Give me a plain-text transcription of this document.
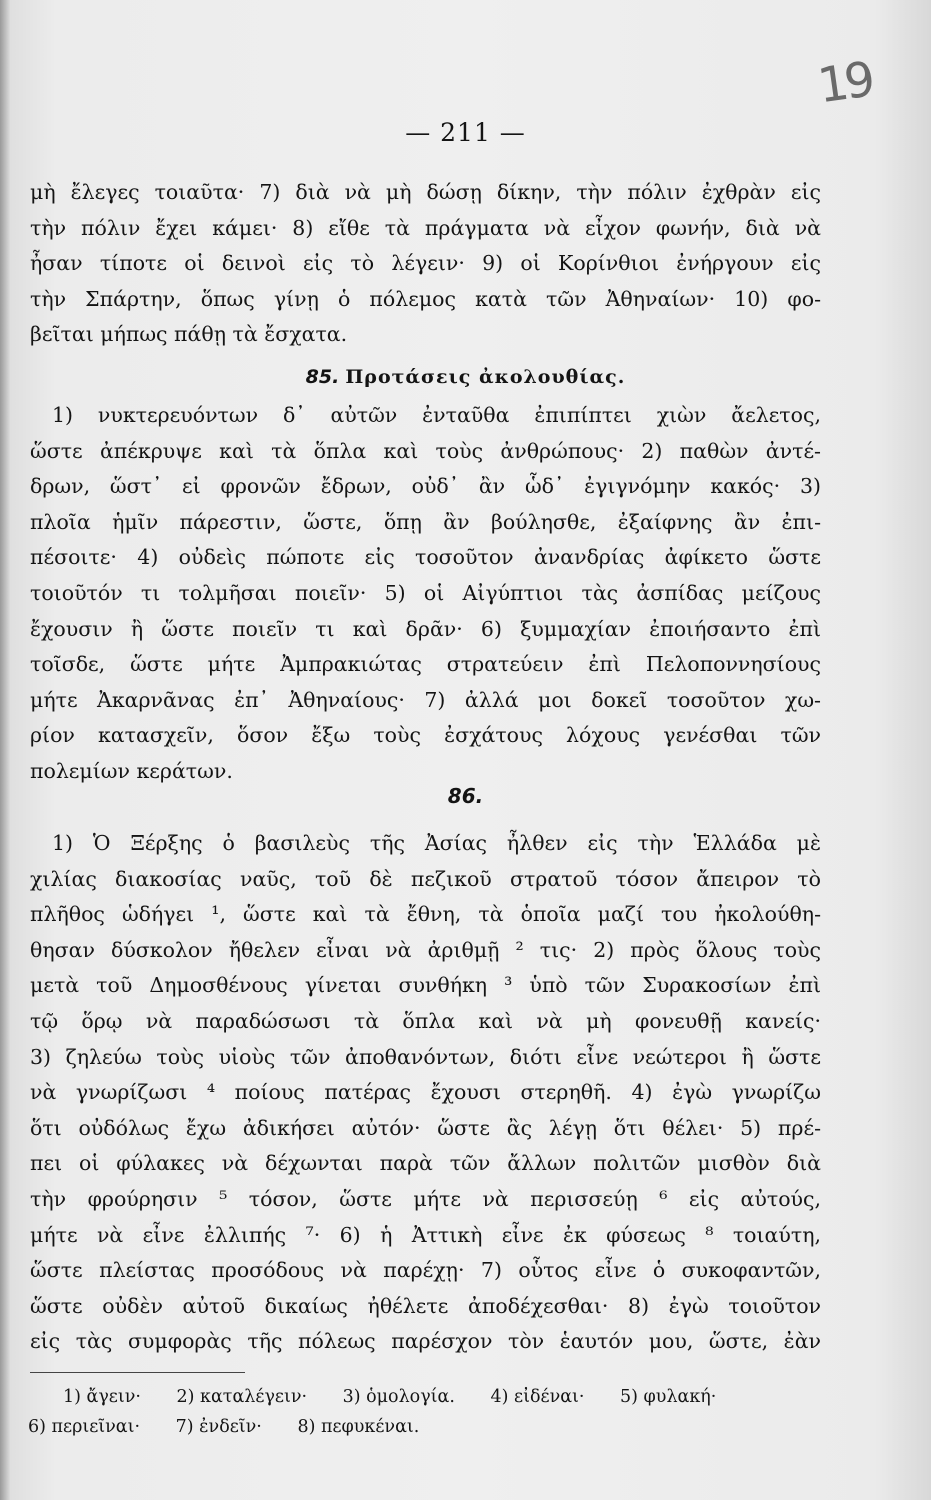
19
— 211 —
μὴ ἔλεγες τοιαῦτα· 7) διὰ νὰ μὴ δώσῃ δίκην, τὴν πόλιν ἐχθρὰν εἰς
τὴν πόλιν ἔχει κάμει· 8) εἴθε τὰ πράγματα νὰ εἶχον φωνήν, διὰ νὰ
ἦσαν τίποτε οἱ δεινοὶ εἰς τὸ λέγειν· 9) οἱ Κορίνθιοι ἐνήργουν εἰς
τὴν Σπάρτην, ὅπως γίνῃ ὁ πόλεμος κατὰ τῶν Ἀθηναίων· 10) φο-
βεῖται μήπως πάθῃ τὰ ἔσχατα.
85. Προτάσεις ἀκολουθίας.
1) νυκτερευόντων δ᾽ αὐτῶν ἐνταῦθα ἐπιπίπτει χιὼν ἄελετος,
ὥστε ἀπέκρυψε καὶ τὰ ὅπλα καὶ τοὺς ἀνθρώπους· 2) παθὼν ἀντέ-
δρων, ὥστ᾽ εἰ φρονῶν ἔδρων, οὐδ᾽ ἂν ὧδ᾽ ἐγιγνόμην κακός· 3)
πλοῖα ἡμῖν πάρεστιν, ὥστε, ὅπῃ ἂν βούλησθε, ἐξαίφνης ἂν ἐπι-
πέσοιτε· 4) οὐδεὶς πώποτε εἰς τοσοῦτον ἀνανδρίας ἀφίκετο ὥστε
τοιοῦτόν τι τολμῆσαι ποιεῖν· 5) οἱ Αἰγύπτιοι τὰς ἀσπίδας μείζους
ἔχουσιν ἢ ὥστε ποιεῖν τι καὶ δρᾶν· 6) ξυμμαχίαν ἐποιήσαντο ἐπὶ
τοῖσδε, ὥστε μήτε Ἀμπρακιώτας στρατεύειν ἐπὶ Πελοποννησίους
μήτε Ἀκαρνᾶνας ἐπ᾽ Ἀθηναίους· 7) ἀλλά μοι δοκεῖ τοσοῦτον χω-
ρίον κατασχεῖν, ὅσον ἔξω τοὺς ἐσχάτους λόχους γενέσθαι τῶν
πολεμίων κεράτων.
86.
1) Ὁ Ξέρξης ὁ βασιλεὺς τῆς Ἀσίας ἦλθεν εἰς τὴν Ἑλλάδα μὲ
χιλίας διακοσίας ναῦς, τοῦ δὲ πεζικοῦ στρατοῦ τόσον ἄπειρον τὸ
πλῆθος ὡδήγει ¹, ὥστε καὶ τὰ ἔθνη, τὰ ὁποῖα μαζί του ἠκολούθη-
θησαν δύσκολον ἤθελεν εἶναι νὰ ἀριθμῇ ² τις· 2) πρὸς ὅλους τοὺς
μετὰ τοῦ Δημοσθένους γίνεται συνθήκη ³ ὑπὸ τῶν Συρακοσίων ἐπὶ
τῷ ὅρῳ νὰ παραδώσωσι τὰ ὅπλα καὶ νὰ μὴ φονευθῇ κανείς·
3) ζηλεύω τοὺς υἱοὺς τῶν ἀποθανόντων, διότι εἶνε νεώτεροι ἢ ὥστε
νὰ γνωρίζωσι ⁴ ποίους πατέρας ἔχουσι στερηθῆ. 4) ἐγὼ γνωρίζω
ὅτι οὐδόλως ἔχω ἀδικήσει αὐτόν· ὥστε ἂς λέγῃ ὅτι θέλει· 5) πρέ-
πει οἱ φύλακες νὰ δέχωνται παρὰ τῶν ἄλλων πολιτῶν μισθὸν διὰ
τὴν φρούρησιν ⁵ τόσον, ὥστε μήτε νὰ περισσεύῃ ⁶ εἰς αὐτούς,
μήτε νὰ εἶνε ἐλλιπής ⁷· 6) ἡ Ἀττικὴ εἶνε ἐκ φύσεως ⁸ τοιαύτη,
ὥστε πλείστας προσόδους νὰ παρέχῃ· 7) οὗτος εἶνε ὁ συκοφαντῶν,
ὥστε οὐδὲν αὐτοῦ δικαίως ἠθέλετε ἀποδέχεσθαι· 8) ἐγὼ τοιοῦτον
εἰς τὰς συμφορὰς τῆς πόλεως παρέσχον τὸν ἑαυτόν μου, ὥστε, ἐὰν
1) ἄγειν· 2) καταλέγειν· 3) ὁμολογία. 4) εἰδέναι· 5) φυλακή·
6) περιεῖναι· 7) ἐνδεῖν· 8) πεφυκέναι.
